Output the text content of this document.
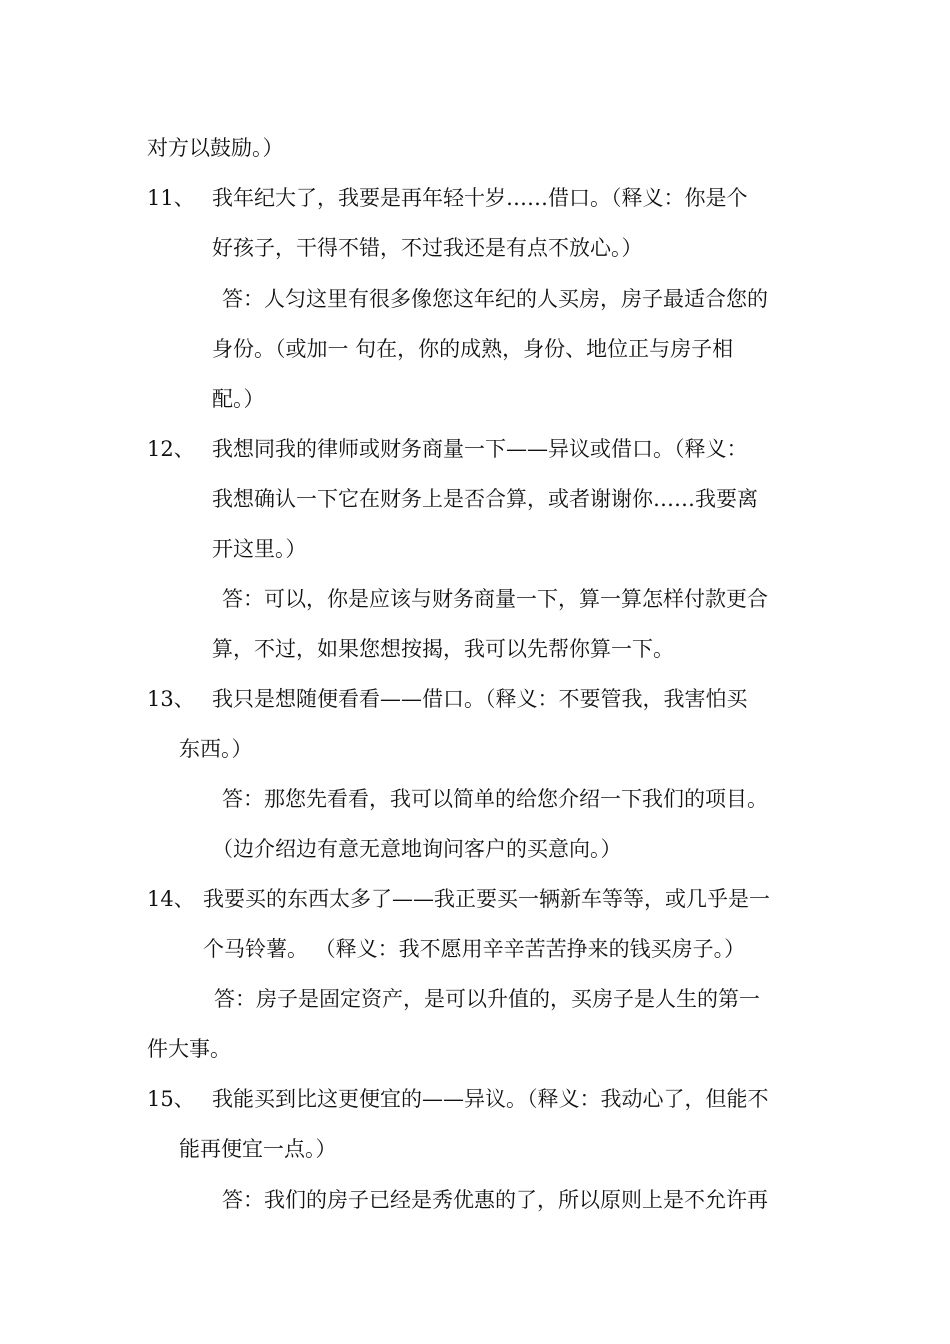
对方以鼓励。）
11、 我年纪大了，我要是再年轻十岁……借口。（释义：你是个
好孩子，干得不错，不过我还是有点不放心。）
答：人匀这里有很多像您这年纪的人买房，房子最适合您的
身份。（或加一 句在，你的成熟，身份、地位正与房子相
配。）
12、 我想同我的律师或财务商量一下——异议或借口。（释义：
我想确认一下它在财务上是否合算，或者谢谢你……我要离
开这里。）
答：可以，你是应该与财务商量一下，算一算怎样付款更合
算，不过，如果您想按揭，我可以先帮你算一下。
13、 我只是想随便看看——借口。（释义：不要管我，我害怕买
东西。）
答：那您先看看，我可以简单的给您介绍一下我们的项目。
（边介绍边有意无意地询问客户的买意向。）
14、 我要买的东西太多了——我正要买一辆新车等等，或几乎是一
个马铃薯。 （释义：我不愿用辛辛苦苦挣来的钱买房子。）
答：房子是固定资产，是可以升值的，买房子是人生的第一
件大事。
15、 我能买到比这更便宜的——异议。（释义：我动心了，但能不
能再便宜一点。）
答：我们的房子已经是秀优惠的了，所以原则上是不允许再
